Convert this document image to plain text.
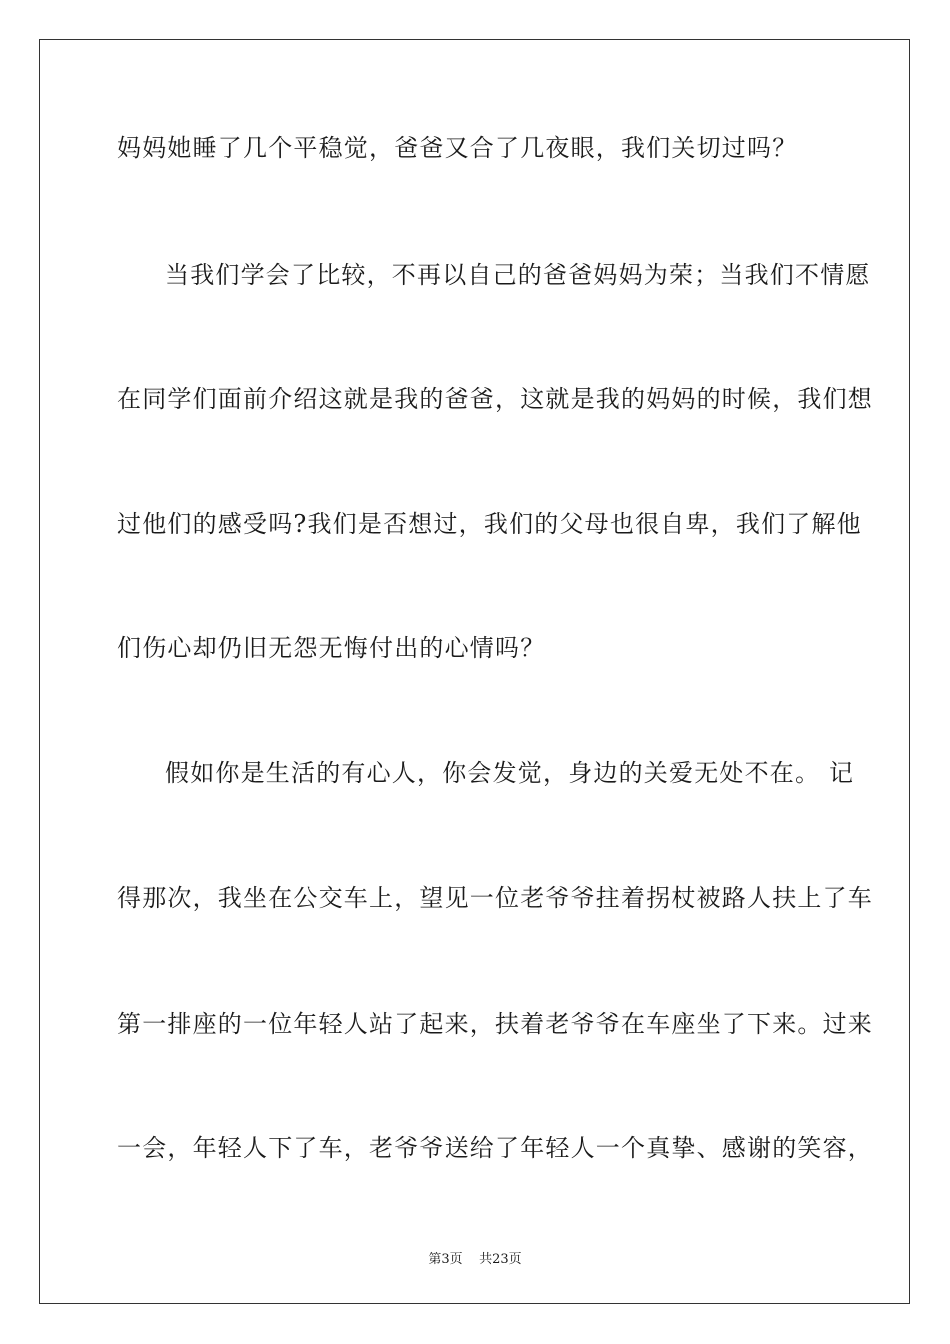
妈妈她睡了几个平稳觉，爸爸又合了几夜眼，我们关切过吗？
当我们学会了比较，不再以自己的爸爸妈妈为荣；当我们不情愿
在同学们面前介绍这就是我的爸爸，这就是我的妈妈的时候，我们想
过他们的感受吗?我们是否想过，我们的父母也很自卑，我们了解他
们伤心却仍旧无怨无悔付出的心情吗？
假如你是生活的有心人，你会发觉，身边的关爱无处不在。 记
得那次，我坐在公交车上，望见一位老爷爷拄着拐杖被路人扶上了车
第一排座的一位年轻人站了起来，扶着老爷爷在车座坐了下来。过来
一会，年轻人下了车，老爷爷送给了年轻人一个真挚、感谢的笑容，
第3页 共23页
